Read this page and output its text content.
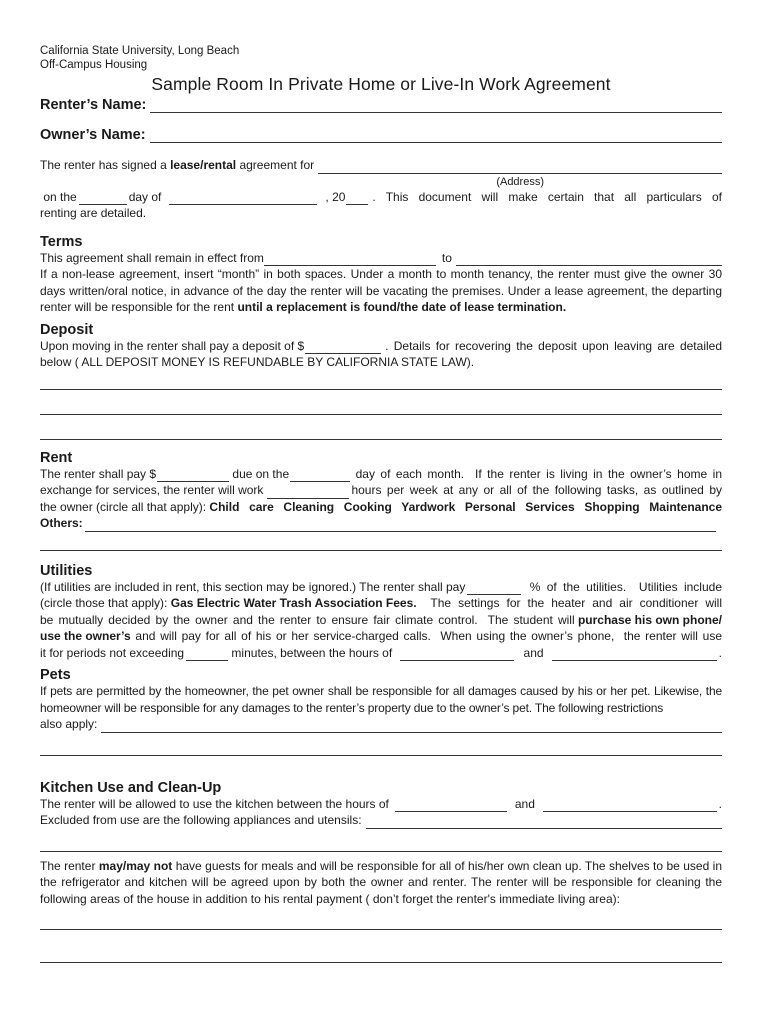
California State University, Long Beach
Off-Campus Housing
Sample Room In Private Home or Live-In Work Agreement
Renter’s Name:
Owner’s Name:
The renter has signed a lease/rental agreement for
(Address)
on the	day of	, 20 . This document will make certain that all particulars of
renting are detailed.
Terms
This agreement shall remain in effect from	to
If a non-lease agreement, insert “month” in both spaces. Under a month to month tenancy, the renter must give the owner 30 days written/oral notice, in advance of the day the renter will be vacating the premises. Under a lease agreement, the departing renter will be responsible for the rent until a replacement is found/the date of lease termination.
Deposit
Upon moving in the renter shall pay a deposit of $	. Details for recovering the deposit upon leaving are detailed
below ( ALL DEPOSIT MONEY IS REFUNDABLE BY CALIFORNIA STATE LAW).
Rent
The renter shall pay $	due on the	day of each month.  If the renter is living in the owner’s home in
exchange for services, the renter will work	hours per week at any or all of the following tasks, as outlined by
the owner (circle all that apply): Child care Cleaning Cooking Yardwork Personal Services Shopping Maintenance
Others:
Utilities
(If utilities are included in rent, this section may be ignored.) The renter shall pay	% of the utilities.  Utilities include
(circle those that apply): Gas Electric Water Trash Association Fees. The settings for the heater and air conditioner will
be mutually decided by the owner and the renter to ensure fair climate control.  The student will purchase his own phone/
use the owner’s and will pay for all of his or her service-charged calls.  When using the owner’s phone,  the renter will use
it for periods not exceeding	minutes, between the hours of	and	.
Pets
If pets are permitted by the homeowner, the pet owner shall be responsible for all damages caused by his or her pet. Likewise, the homeowner will be responsible for any damages to the renter’s property due to the owner’s pet. The following restrictions
also apply:
Kitchen Use and Clean-Up
The renter will be allowed to use the kitchen between the hours of	and	.
Excluded from use are the following appliances and utensils:
The renter may/may not have guests for meals and will be responsible for all of his/her own clean up. The shelves to be used in the refrigerator and kitchen will be agreed upon by both the owner and renter. The renter will be responsible for cleaning the following areas of the house in addition to his rental payment ( don’t forget the renter's immediate living area):
